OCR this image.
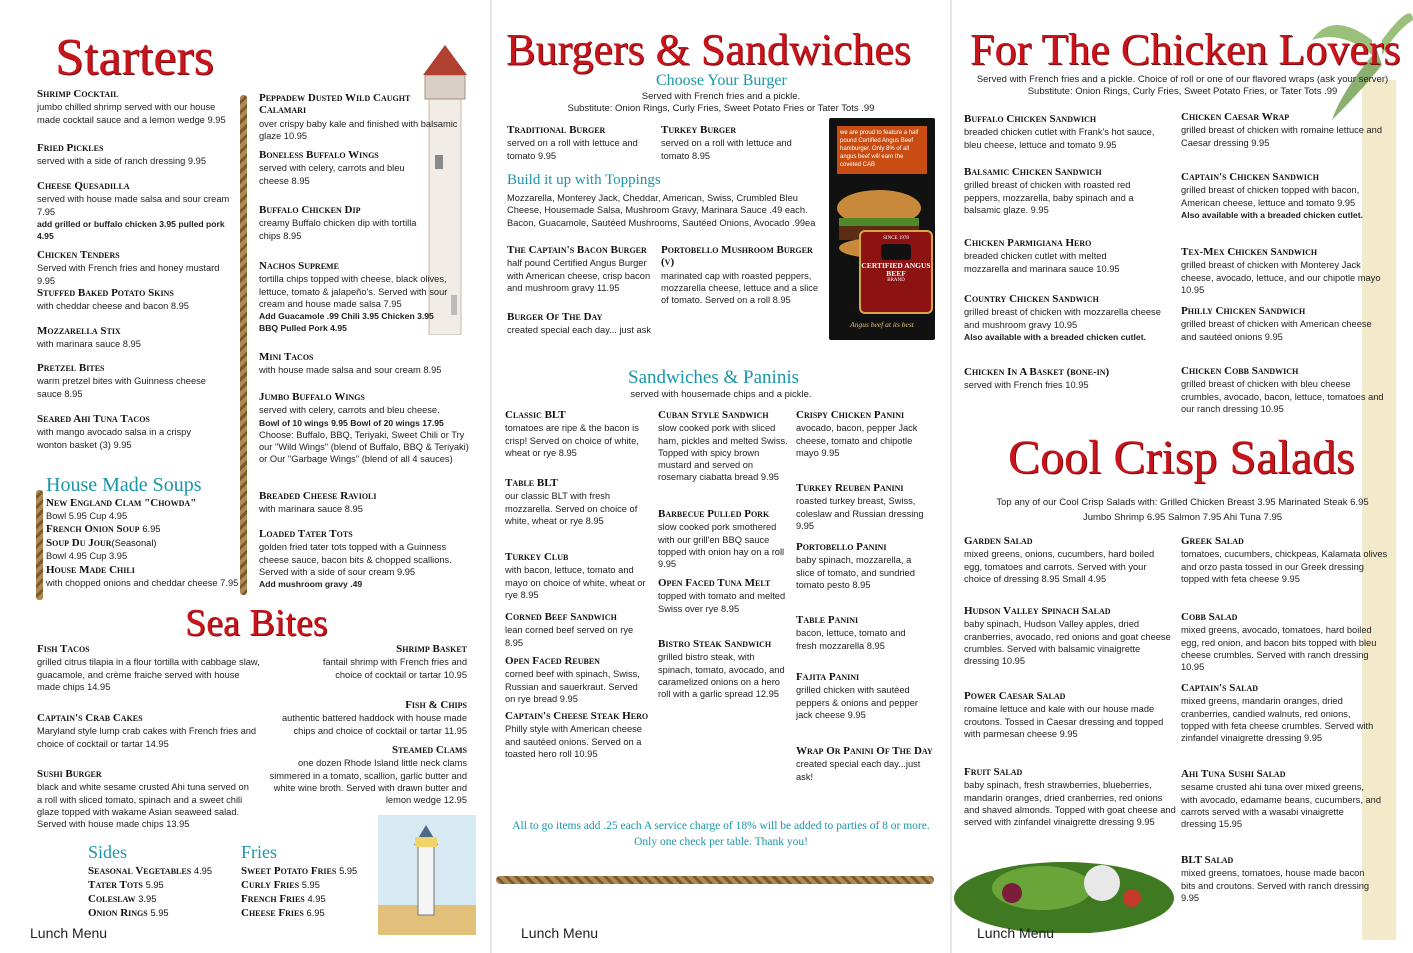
Starters
Shrimp Cocktail
jumbo chilled shrimp served with our house made cocktail sauce and a lemon wedge 9.95
Fried Pickles
served with a side of ranch dressing 9.95
Cheese Quesadilla
served with house made salsa and sour cream 7.95
add grilled or buffalo chicken 3.95 pulled pork 4.95
Chicken Tenders
Served with French fries and honey mustard 9.95
Stuffed Baked Potato Skins
with cheddar cheese and bacon 8.95
Mozzarella Stix
with marinara sauce 8.95
Pretzel Bites
warm pretzel bites with Guinness cheese sauce 8.95
Seared Ahi Tuna Tacos
with mango avocado salsa in a crispy wonton basket (3) 9.95
Peppadew Dusted Wild Caught Calamari
over crispy baby kale and finished with balsamic glaze 10.95
Boneless Buffalo Wings
served with celery, carrots and bleu cheese 8.95
Buffalo Chicken Dip
creamy Buffalo chicken dip with tortilla chips 8.95
Nachos Supreme
tortilla chips topped with cheese, black olives, lettuce, tomato & jalapeño's. Served with sour cream and house made salsa 7.95
Add Guacamole .99 Chili 3.95 Chicken 3.95 BBQ Pulled Pork 4.95
Mini Tacos
with house made salsa and sour cream 8.95
Jumbo Buffalo Wings
served with celery, carrots and bleu cheese.
Bowl of 10 wings 9.95 Bowl of 20 wings 17.95
Choose: Buffalo, BBQ, Teriyaki, Sweet Chili or Try our "Wild Wings" (blend of Buffalo, BBQ & Teriyaki) or Our "Garbage Wings" (blend of all 4 sauces)
Breaded Cheese Ravioli
with marinara sauce 8.95
Loaded Tater Tots
golden fried tater tots topped with a Guinness cheese sauce, bacon bits & chopped scallions. Served with a side of sour cream 9.95
Add mushroom gravy .49
House Made Soups
New England Clam "Chowda"
Bowl 5.95 Cup 4.95
French Onion Soup 6.95
Soup Du Jour(Seasonal)
Bowl 4.95 Cup 3.95
House Made Chili
with chopped onions and cheddar cheese 7.95
Sea Bites
Fish Tacos
grilled citrus tilapia in a flour tortilla with cabbage slaw, guacamole, and crème fraiche served with house made chips 14.95
Captain's Crab Cakes
Maryland style lump crab cakes with French fries and choice of cocktail or tartar 14.95
Sushi Burger
black and white sesame crusted Ahi tuna served on a roll with sliced tomato, spinach and a sweet chili glaze topped with wakame Asian seaweed salad. Served with house made chips 13.95
Shrimp Basket
fantail shrimp with French fries and choice of cocktail or tartar 10.95
Fish & Chips
authentic battered haddock with house made chips and choice of cocktail or tartar 11.95
Steamed Clams
one dozen Rhode Island little neck clams simmered in a tomato, scallion, garlic butter and white wine broth. Served with drawn butter and lemon wedge 12.95
Sides
Seasonal Vegetables 4.95
Tater Tots 5.95
Coleslaw 3.95
Onion Rings 5.95
Fries
Sweet Potato Fries 5.95
Curly Fries 5.95
French Fries 4.95
Cheese Fries 6.95
Lunch Menu
Burgers & Sandwiches
Choose Your Burger
Served with French fries and a pickle.
Substitute: Onion Rings, Curly Fries, Sweet Potato Fries or Tater Tots .99
Traditional Burger
served on a roll with lettuce and tomato 9.95
Turkey Burger
served on a roll with lettuce and tomato 8.95
Build it up with Toppings
Mozzarella, Monterey Jack, Cheddar, American, Swiss, Crumbled Bleu Cheese, Housemade Salsa, Mushroom Gravy, Marinara Sauce .49 each.
Bacon, Guacamole, Sautéed Mushrooms, Sautéed Onions, Avocado .99ea
The Captain's Bacon Burger
half pound Certified Angus Burger with American cheese, crisp bacon and mushroom gravy 11.95
Portobello Mushroom Burger (v)
marinated cap with roasted peppers, mozzarella cheese, lettuce and a slice of tomato. Served on a roll 8.95
Burger Of The Day
created special each day... just ask
we are proud to feature a half pound Certified Angus Beef hamburger. Only 8% of all angus beef will earn the coveted CAB
SINCE 1978
CERTIFIED ANGUS BEEF
BRAND
Angus beef at its best
Sandwiches & Paninis
served with housemade chips and a pickle.
Classic BLT
tomatoes are ripe & the bacon is crisp! Served on choice of white, wheat or rye 8.95
Table BLT
our classic BLT with fresh mozzarella. Served on choice of white, wheat or rye 8.95
Turkey Club
with bacon, lettuce, tomato and mayo on choice of white, wheat or rye 8.95
Corned Beef Sandwich
lean corned beef served on rye 8.95
Open Faced Reuben
corned beef with spinach, Swiss, Russian and sauerkraut. Served on rye bread 9.95
Captain's Cheese Steak Hero
Philly style with American cheese and sautéed onions. Served on a toasted hero roll 10.95
Cuban Style Sandwich
slow cooked pork with sliced ham, pickles and melted Swiss. Topped with spicy brown mustard and served on rosemary ciabatta bread 9.95
Barbecue Pulled Pork
slow cooked pork smothered with our grill'en BBQ sauce topped with onion hay on a roll 9.95
Open Faced Tuna Melt
topped with tomato and melted Swiss over rye 8.95
Bistro Steak Sandwich
grilled bistro steak, with spinach, tomato, avocado, and caramelized onions on a hero roll with a garlic spread 12.95
Crispy Chicken Panini
avocado, bacon, pepper Jack cheese, tomato and chipotle mayo 9.95
Turkey Reuben Panini
roasted turkey breast, Swiss, coleslaw and Russian dressing 9.95
Portobello Panini
baby spinach, mozzarella, a slice of tomato, and sundried tomato pesto 8.95
Table Panini
bacon, lettuce, tomato and fresh mozzarella 8.95
Fajita Panini
grilled chicken with sautéed peppers & onions and pepper jack cheese 9.95
Wrap Or Panini Of The Day
created special each day...just ask!
All to go items add .25 each A service charge of 18% will be added to parties of 8 or more.
Only one check per table. Thank you!
Lunch Menu
For The Chicken Lovers
Served with French fries and a pickle. Choice of roll or one of our flavored wraps (ask your server)
Substitute: Onion Rings, Curly Fries, Sweet Potato Fries, or Tater Tots .99
Buffalo Chicken Sandwich
breaded chicken cutlet with Frank's hot sauce, bleu cheese, lettuce and tomato 9.95
Balsamic Chicken Sandwich
grilled breast of chicken with roasted red peppers, mozzarella, baby spinach and a balsamic glaze. 9.95
Chicken Parmigiana Hero
breaded chicken cutlet with melted mozzarella and marinara sauce 10.95
Country Chicken Sandwich
grilled breast of chicken with mozzarella cheese and mushroom gravy 10.95
Also available with a breaded chicken cutlet.
Chicken In A Basket (bone-in)
served with French fries 10.95
Chicken Caesar Wrap
grilled breast of chicken with romaine lettuce and Caesar dressing 9.95
Captain's Chicken Sandwich
grilled breast of chicken topped with bacon, American cheese, lettuce and tomato 9.95
Also available with a breaded chicken cutlet.
Tex-Mex Chicken Sandwich
grilled breast of chicken with Monterey Jack cheese, avocado, lettuce, and our chipotle mayo 10.95
Philly Chicken Sandwich
grilled breast of chicken with American cheese and sautéed onions 9.95
Chicken Cobb Sandwich
grilled breast of chicken with bleu cheese crumbles, avocado, bacon, lettuce, tomatoes and our ranch dressing 10.95
Cool Crisp Salads
Top any of our Cool Crisp Salads with: Grilled Chicken Breast 3.95 Marinated Steak 6.95
Jumbo Shrimp 6.95 Salmon 7.95 Ahi Tuna 7.95
Garden Salad
mixed greens, onions, cucumbers, hard boiled egg, tomatoes and carrots. Served with your choice of dressing 8.95 Small 4.95
Hudson Valley Spinach Salad
baby spinach, Hudson Valley apples, dried cranberries, avocado, red onions and goat cheese crumbles. Served with balsamic vinaigrette dressing 10.95
Power Caesar Salad
romaine lettuce and kale with our house made croutons. Tossed in Caesar dressing and topped with parmesan cheese 9.95
Fruit Salad
baby spinach, fresh strawberries, blueberries, mandarin oranges, dried cranberries, red onions and shaved almonds. Topped with goat cheese and served with zinfandel vinaigrette dressing 9.95
Greek Salad
tomatoes, cucumbers, chickpeas, Kalamata olives and orzo pasta tossed in our Greek dressing topped with feta cheese 9.95
Cobb Salad
mixed greens, avocado, tomatoes, hard boiled egg, red onion, and bacon bits topped with bleu cheese crumbles. Served with ranch dressing 10.95
Captain's Salad
mixed greens, mandarin oranges, dried cranberries, candied walnuts, red onions, topped with feta cheese crumbles. Served with zinfandel vinaigrette dressing 9.95
Ahi Tuna Sushi Salad
sesame crusted ahi tuna over mixed greens, with avocado, edamame beans, cucumbers, and carrots served with a wasabi vinaigrette dressing 15.95
BLT Salad
mixed greens, tomatoes, house made bacon bits and croutons. Served with ranch dressing 9.95
Lunch Menu
